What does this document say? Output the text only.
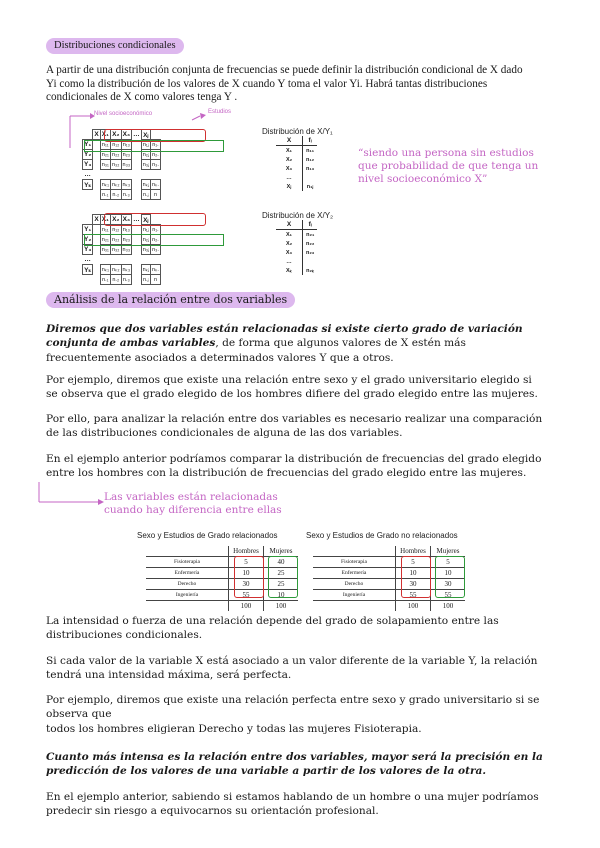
Distribuciones condicionales

A partir de una distribución conjunta de frecuencias se puede definir la distribución condicional de X dado Yi como la distribución de los valores de X cuando Y toma el valor Yi. Habrá tantas distribuciones condicionales de X como valores tenga Y .

Nivel socioeconómico	Estudios
	X	X₁	X₂	X₃	…	Xⱼ	
Y₁		n₁₁	n₁₂	n₁₃		n₁ⱼ	n₁.
Y₂		n₂₁	n₂₂	n₂₃		n₂ⱼ	n₂.
Y₃		n₃₁	n₃₂	n₃₃		n₃ⱼ	n₃.
…							
Yₖ		nₖ₁	nₖ₂	nₖ₃		nₖⱼ	nₖ.
		n.₁	n.₂	n.₃		n.ⱼ	n
	X	X₁	X₂	X₃	…	Xⱼ	
Y₁		n₁₁	n₁₂	n₁₃		n₁ⱼ	n₁.
Y₂		n₂₁	n₂₂	n₂₃		n₂ⱼ	n₂.
Y₃		n₃₁	n₃₂	n₃₃		n₃ⱼ	n₃.
…							
Yₖ		nₖ₁	nₖ₂	nₖ₃		nₖⱼ	nₖ.
		n.₁	n.₂	n.₃		n.ⱼ	n
Distribución de X/Y₁
X	fᵢ
X₁	n₁₁
X₂	n₁₂
X₃	n₁₃
…	
Xⱼ	n₁ⱼ
Distribución de X/Y₂
X	fᵢ
X₁	n₂₁
X₂	n₂₂
X₃	n₂₃
…	
Xₖ	n₂ₖ
“siendo una persona sin estudios que probabilidad de que tenga un nivel socioeconómico X”
Análisis de la relación entre dos variables

Diremos que dos variables están relacionadas si existe cierto grado de variación conjunta de ambas variables, de forma que algunos valores de X estén más frecuentemente asociados a determinados valores Y que a otros.

Por ejemplo, diremos que existe una relación entre sexo y el grado universitario elegido si se observa que el grado elegido de los hombres difiere del grado elegido entre las mujeres.

Por ello, para analizar la relación entre dos variables es necesario realizar una comparación de las distribuciones condicionales de alguna de las dos variables.

En el ejemplo anterior podríamos comparar la distribución de frecuencias del grado elegido entre los hombres con la distribución de frecuencias del grado elegido entre las mujeres.

Las variables están relacionadas cuando hay diferencia entre ellas
Sexo y Estudios de Grado relacionados	Sexo y Estudios de Grado no relacionados
	Hombres	Mujeres
Fisioterapia	5	40
Enfermería	10	25
Derecho	30	25
Ingeniería	55	10
	100	100
	Hombres	Mujeres
Fisioterapia	5	5
Enfermería	10	10
Derecho	30	30
Ingeniería	55	55
	100	100

La intensidad o fuerza de una relación depende del grado de solapamiento entre las distribuciones condicionales.

Si cada valor de la variable X está asociado a un valor diferente de la variable Y, la relación tendrá una intensidad máxima, será perfecta.

Por ejemplo, diremos que existe una relación perfecta entre sexo y grado universitario si se observa que

todos los hombres eligieran Derecho y todas las mujeres Fisioterapia.

Cuanto más intensa es la relación entre dos variables, mayor será la precisión en la predicción de los valores de una variable a partir de los valores de la otra.

En el ejemplo anterior, sabiendo si estamos hablando de un hombre o una mujer podríamos predecir sin riesgo a equivocarnos su orientación profesional.
